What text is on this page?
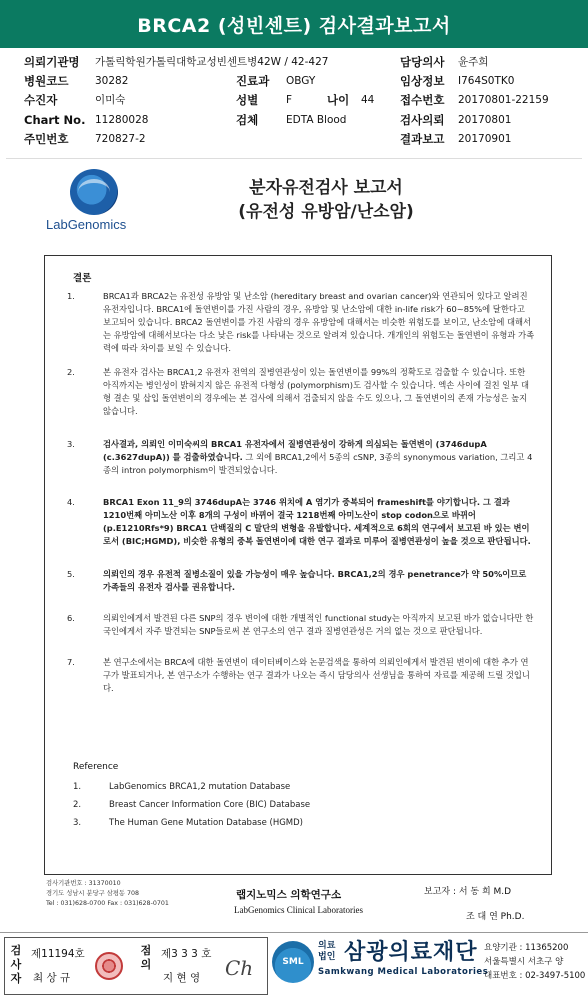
BRCA2 (성빈센트) 검사결과보고서
의뢰기관명 가톨릭학원가톨릭대학교성빈센트병42W / 42-427	담당의사 윤주희
병원코드	30282	진료과 OBGY	임상정보 I764S0TK0
수진자	이미숙	성별	F	나이 44 접수번호 20170801-22159
Chart No. 11280028	검체	EDTA Blood	검사의뢰 20170801
주민번호	720827-2	결과보고 20170901
LabGenomics
분자유전검사 보고서
(유전성 유방암/난소암)
결론
1.	BRCA1과 BRCA2는 유전성 유방암 및 난소암 (hereditary breast and ovarian cancer)와 연관되어 있다고 알려진 유전자입니다. BRCA1에 돌연변이를 가진 사람의 경우, 유방암 및 난소암에 대한 in-life risk가 60~85%에 달한다고 보고되어 있습니다. BRCA2 돌연변이를 가진 사람의 경우 유방암에 대해서는 비슷한 위험도를 보이고, 난소암에 대해서는 유방암에 대해서보다는 다소 낮은 risk를 나타내는 것으로 알려져 있습니다. 개개인의 위험도는 돌연변이 유형과 가족력에 따라 차이를 보일 수 있습니다.
2.	본 유전자 검사는 BRCA1,2 유전자 전역의 질병연관성이 있는 돌연변이를 99%의 정확도로 검출할 수 있습니다. 또한 아직까지는 병인성이 밝혀지지 않은 유전적 다형성 (polymorphism)도 검사할 수 있습니다. 엑손 사이에 걸친 일부 대형 결손 및 삽입 돌연변이의 경우에는 본 검사에 의해서 검출되지 않을 수도 있으나, 그 돌연변이의 존재 가능성은 높지 않습니다.
3.	검사결과, 의뢰인 이미숙씨의 BRCA1 유전자에서 질병연관성이 강하게 의심되는 돌연변이 (3746dupA (c.3627dupA)) 를 검출하였습니다. 그 외에 BRCA1,2에서 5종의 cSNP, 3종의 synonymous variation, 그리고 4종의 intron polymorphism이 발견되었습니다.
4.	BRCA1 Exon 11_9의 3746dupA는 3746 위치에 A 염기가 중복되어 frameshift를 야기합니다. 그 결과 1210번째 아미노산 이후 8개의 구성이 바뀌어 결국 1218번째 아미노산이 stop codon으로 바뀌어 (p.E1210Rfs*9) BRCA1 단백질의 C 말단의 변형을 유발합니다. 세계적으로 6회의 연구에서 보고된 바 있는 변이로서 (BIC;HGMD), 비슷한 유형의 중복 돌연변이에 대한 연구 결과로 미루어 질병연관성이 높을 것으로 판단됩니다.
5.	의뢰인의 경우 유전적 질병소질이 있을 가능성이 매우 높습니다. BRCA1,2의 경우 penetrance가 약 50%이므로 가족들의 유전자 검사를 권유합니다.
6.	의뢰인에게서 발견된 다른 SNP의 경우 변이에 대한 개별적인 functional study는 아직까지 보고된 바가 없습니다만 한국인에게서 자주 발견되는 SNP들로써 본 연구소의 연구 결과 질병연관성은 거의 없는 것으로 판단됩니다.
7.	본 연구소에서는 BRCA에 대한 돌연변이 데이터베이스와 논문검색을 통하여 의뢰인에게서 발견된 변이에 대한 추가 연구가 발표되거나, 본 연구소가 수행하는 연구 결과가 나오는 즉시 담당의사 선생님을 통하여 자료를 제공해 드릴 것입니다.
Reference
1.	LabGenomics BRCA1,2 mutation Database
2.	Breast Cancer Information Core (BIC) Database
3.	The Human Gene Mutation Database (HGMD)
검사기관번호 : 31370010
경기도 성남시 분당구 삼평동 708
Tel : 031)628-0700 Fax : 031)628-0701
랩지노믹스 의학연구소
LabGenomics Clinical Laboratories
보고자 : 서 동 희 M.D
조 대 연 Ph.D.
검사자
제11194호
최 상 규
점의
제3 3 3 호
지 현 영 Ch	SML
의료
법인 삼광의료재단
Samkwang Medical Laboratories
요양기관 : 11365200
서울특별시 서초구 양
대표번호 : 02-3497-5100
